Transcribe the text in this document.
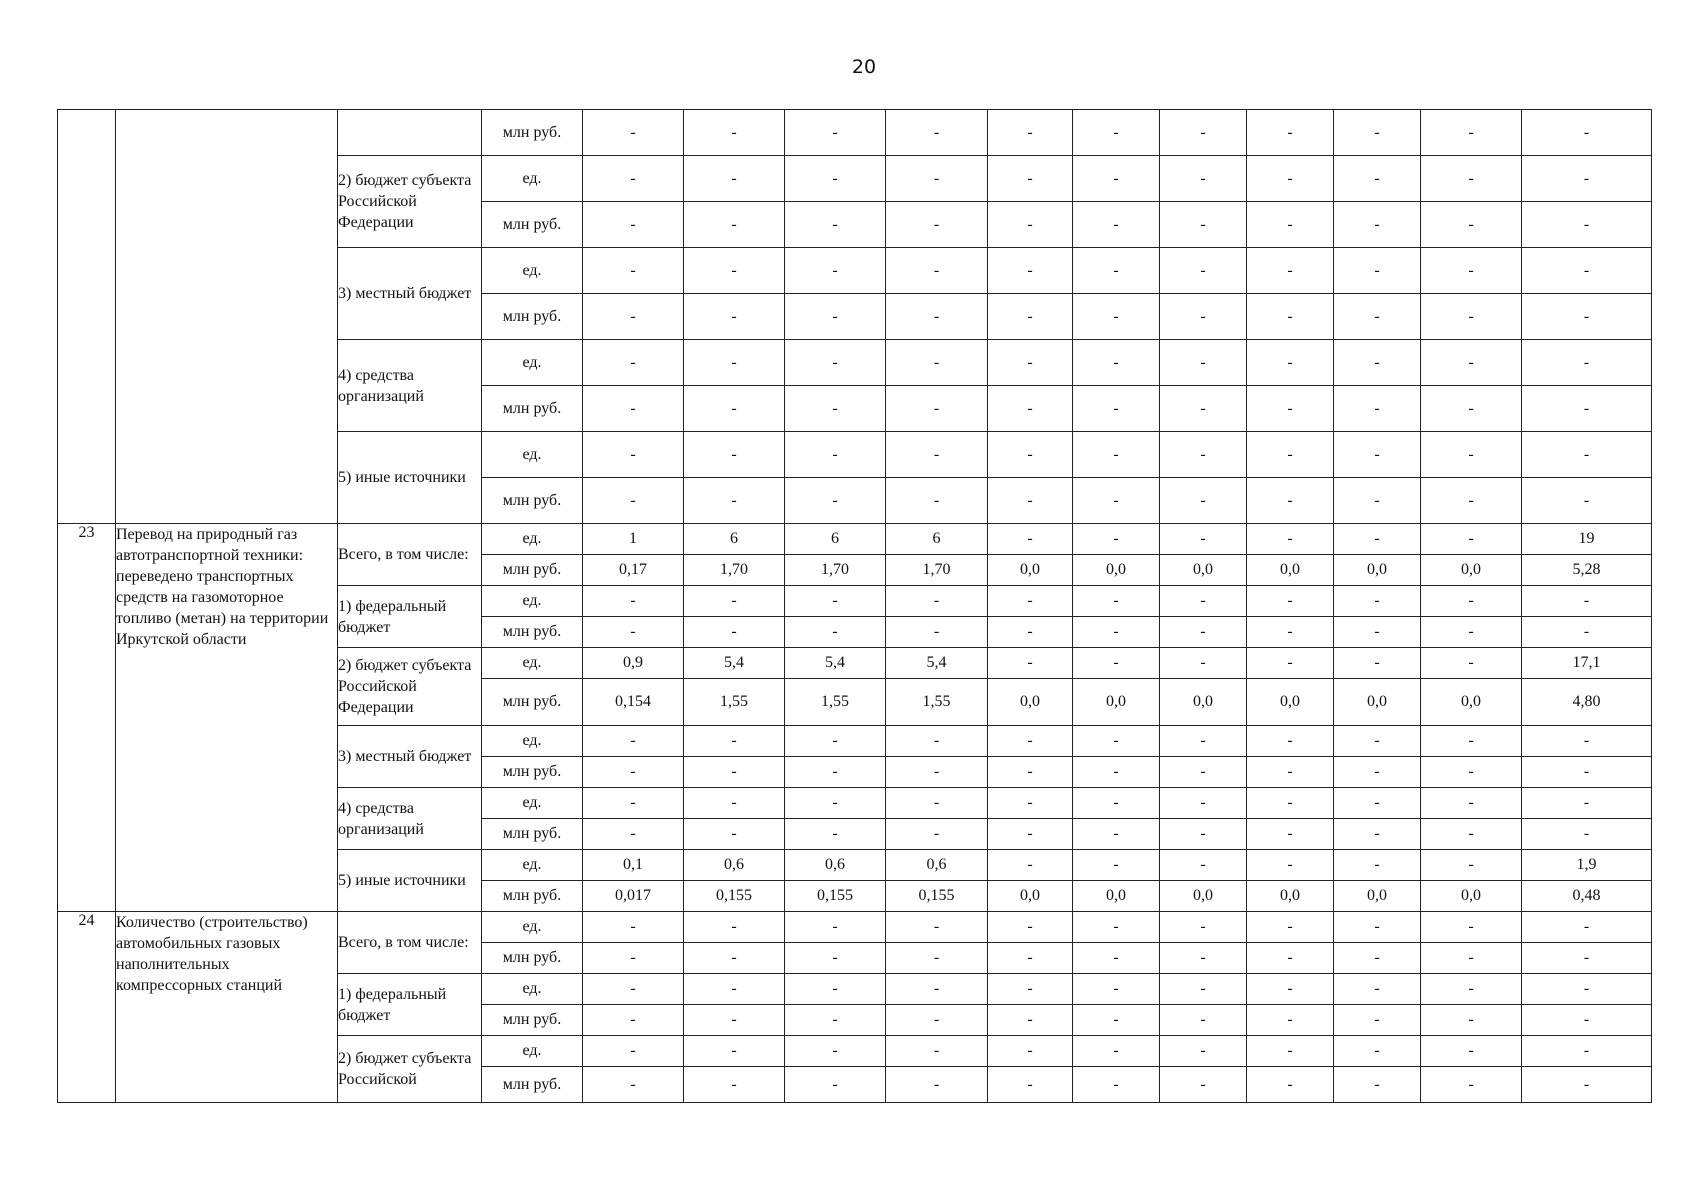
20
			млн руб.	-	-	-	-	-	-	-	-	-	-	-
		2) бюджет субъекта Российской Федерации	ед.	-	-	-	-	-	-	-	-	-	-	-
			млн руб.	-	-	-	-	-	-	-	-	-	-	-
		3) местный бюджет	ед.	-	-	-	-	-	-	-	-	-	-	-
			млн руб.	-	-	-	-	-	-	-	-	-	-	-
		4) средства организаций	ед.	-	-	-	-	-	-	-	-	-	-	-
			млн руб.	-	-	-	-	-	-	-	-	-	-	-
		5) иные источники	ед.	-	-	-	-	-	-	-	-	-	-	-
			млн руб.	-	-	-	-	-	-	-	-	-	-	-
23	Перевод на природный газ автотранспортной техники: переведено транспортных средств на газомоторное топливо (метан) на территории Иркутской области	Всего, в том числе:	ед.	1	6	6	6	-	-	-	-	-	-	19
			млн руб.	0,17	1,70	1,70	1,70	0,0	0,0	0,0	0,0	0,0	0,0	5,28
		1) федеральный бюджет	ед.	-	-	-	-	-	-	-	-	-	-	-
			млн руб.	-	-	-	-	-	-	-	-	-	-	-
		2) бюджет субъекта Российской Федерации	ед.	0,9	5,4	5,4	5,4	-	-	-	-	-	-	17,1
			млн руб.	0,154	1,55	1,55	1,55	0,0	0,0	0,0	0,0	0,0	0,0	4,80
		3) местный бюджет	ед.	-	-	-	-	-	-	-	-	-	-	-
			млн руб.	-	-	-	-	-	-	-	-	-	-	-
		4) средства организаций	ед.	-	-	-	-	-	-	-	-	-	-	-
			млн руб.	-	-	-	-	-	-	-	-	-	-	-
		5) иные источники	ед.	0,1	0,6	0,6	0,6	-	-	-	-	-	-	1,9
			млн руб.	0,017	0,155	0,155	0,155	0,0	0,0	0,0	0,0	0,0	0,0	0,48
24	Количество (строительство) автомобильных газовых наполнительных компрессорных станций	Всего, в том числе:	ед.	-	-	-	-	-	-	-	-	-	-	-
			млн руб.	-	-	-	-	-	-	-	-	-	-	-
		1) федеральный бюджет	ед.	-	-	-	-	-	-	-	-	-	-	-
			млн руб.	-	-	-	-	-	-	-	-	-	-	-
		2) бюджет субъекта Российской	ед.	-	-	-	-	-	-	-	-	-	-	-
			млн руб.	-	-	-	-	-	-	-	-	-	-	-
